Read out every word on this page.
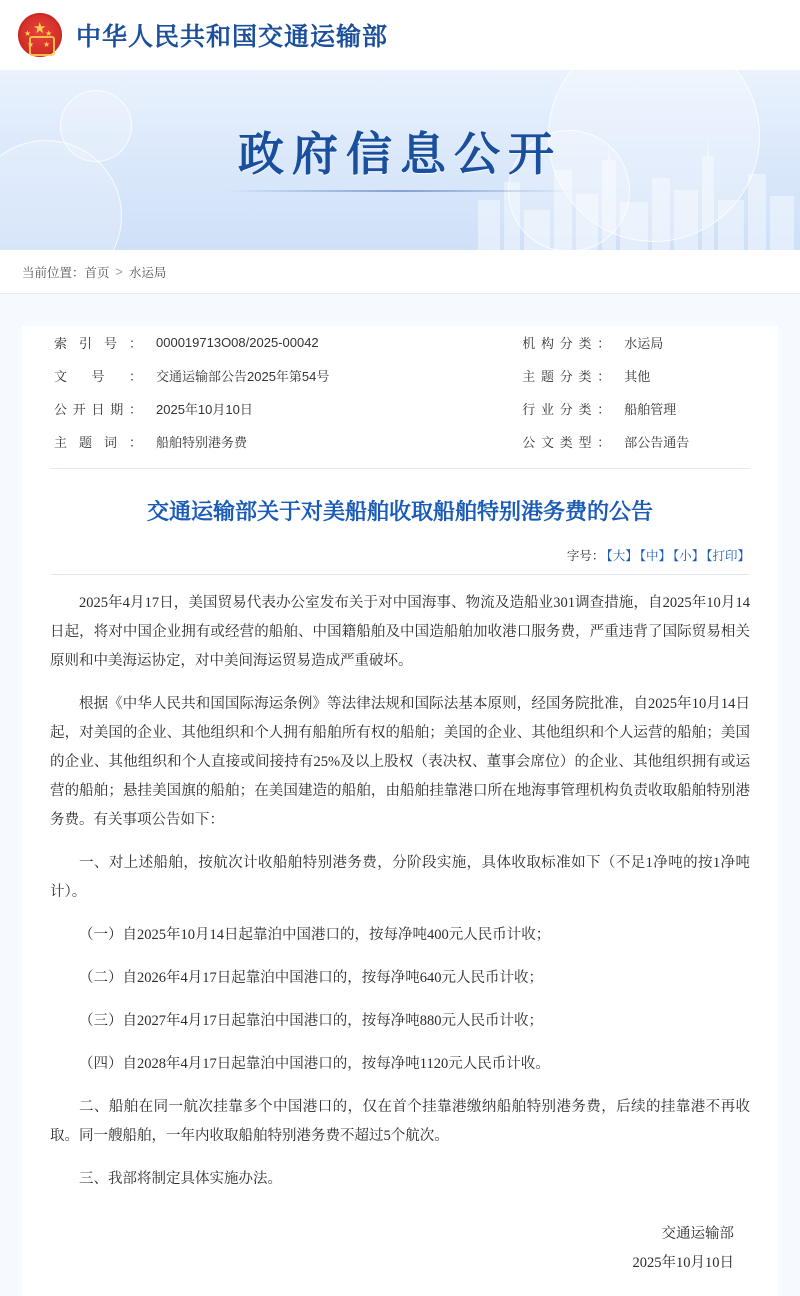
★
★ ★
★ ★ 中华人民共和国交通运输部
政府信息公开
当前位置： 首页 > 水运局
索引号 ：	000019713O08/2025-00042		机构分类 ：	水运局
文号 ：	交通运输部公告2025年第54号		主题分类 ：	其他
公开日期 ：	2025年10月10日		行业分类 ：	船舶管理
主题词 ：	船舶特别港务费		公文类型 ：	部公告通告
交通运输部关于对美船舶收取船舶特别港务费的公告
字号： 【大】 【中】 【小】 【打印】

2025年4月17日，美国贸易代表办公室发布关于对中国海事、物流及造船业301调查措施，自2025年10月14日起，将对中国企业拥有或经营的船舶、中国籍船舶及中国造船舶加收港口服务费，严重违背了国际贸易相关原则和中美海运协定，对中美间海运贸易造成严重破坏。

根据《中华人民共和国国际海运条例》等法律法规和国际法基本原则，经国务院批准，自2025年10月14日起，对美国的企业、其他组织和个人拥有船舶所有权的船舶；美国的企业、其他组织和个人运营的船舶；美国的企业、其他组织和个人直接或间接持有25%及以上股权（表决权、董事会席位）的企业、其他组织拥有或运营的船舶；悬挂美国旗的船舶；在美国建造的船舶，由船舶挂靠港口所在地海事管理机构负责收取船舶特别港务费。有关事项公告如下：

一、对上述船舶，按航次计收船舶特别港务费，分阶段实施，具体收取标准如下（不足1净吨的按1净吨计）。

（一）自2025年10月14日起靠泊中国港口的，按每净吨400元人民币计收；

（二）自2026年4月17日起靠泊中国港口的，按每净吨640元人民币计收；

（三）自2027年4月17日起靠泊中国港口的，按每净吨880元人民币计收；

（四）自2028年4月17日起靠泊中国港口的，按每净吨1120元人民币计收。

二、船舶在同一航次挂靠多个中国港口的，仅在首个挂靠港缴纳船舶特别港务费，后续的挂靠港不再收取。同一艘船舶，一年内收取船舶特别港务费不超过5个航次。

三、我部将制定具体实施办法。

交通运输部
2025年10月10日
